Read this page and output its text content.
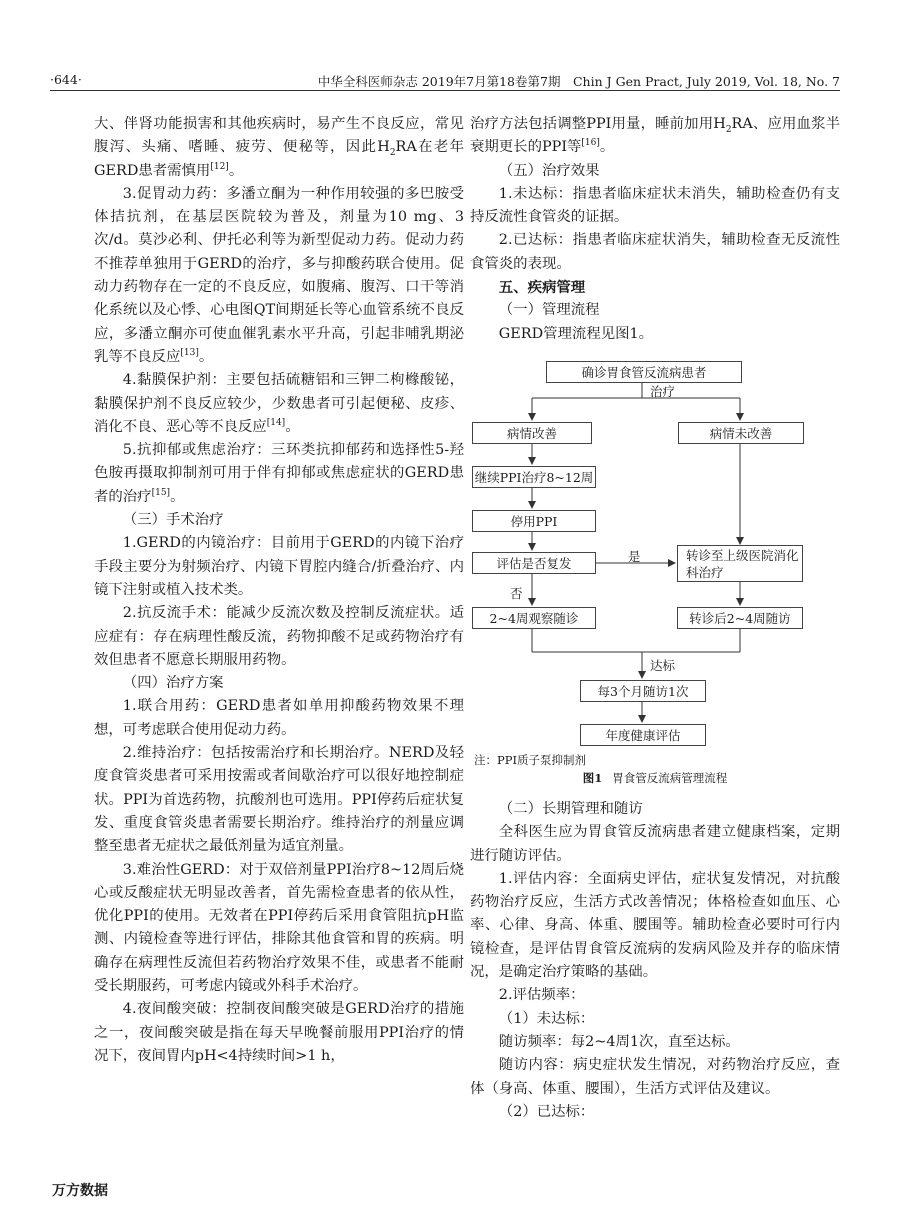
·644·	中华全科医师杂志 2019年7月第18卷第7期　Chin J Gen Pract, July 2019, Vol. 18, No. 7

大、伴肾功能损害和其他疾病时，易产生不良反应，常见腹泻、头痛、嗜睡、疲劳、便秘等，因此$H_2RA$在老年GERD患者需慎用[12]。

3.促胃动力药：多潘立酮为一种作用较强的多巴胺受体拮抗剂，在基层医院较为普及，剂量为10 mg、3次/d。莫沙必利、伊托必利等为新型促动力药。促动力药不推荐单独用于GERD的治疗，多与抑酸药联合使用。促动力药物存在一定的不良反应，如腹痛、腹泻、口干等消化系统以及心悸、心电图QT间期延长等心血管系统不良反应，多潘立酮亦可使血催乳素水平升高，引起非哺乳期泌乳等不良反应[13]。

4.黏膜保护剂：主要包括硫糖铝和三钾二枸橼酸铋，黏膜保护剂不良反应较少，少数患者可引起便秘、皮疹、消化不良、恶心等不良反应[14]。

5.抗抑郁或焦虑治疗：三环类抗抑郁药和选择性5-羟色胺再摄取抑制剂可用于伴有抑郁或焦虑症状的GERD患者的治疗[15]。

（三）手术治疗

1.GERD的内镜治疗：目前用于GERD的内镜下治疗手段主要分为射频治疗、内镜下胃腔内缝合/折叠治疗、内镜下注射或植入技术类。

2.抗反流手术：能减少反流次数及控制反流症状。适应症有：存在病理性酸反流，药物抑酸不足或药物治疗有效但患者不愿意长期服用药物。

（四）治疗方案

1.联合用药：GERD患者如单用抑酸药物效果不理想，可考虑联合使用促动力药。

2.维持治疗：包括按需治疗和长期治疗。NERD及轻度食管炎患者可采用按需或者间歇治疗可以很好地控制症状。PPI为首选药物，抗酸剂也可选用。PPI停药后症状复发、重度食管炎患者需要长期治疗。维持治疗的剂量应调整至患者无症状之最低剂量为适宜剂量。

3.难治性GERD：对于双倍剂量PPI治疗8~12周后烧心或反酸症状无明显改善者，首先需检查患者的依从性，优化PPI的使用。无效者在PPI停药后采用食管阻抗pH监测、内镜检查等进行评估，排除其他食管和胃的疾病。明确存在病理性反流但若药物治疗效果不佳，或患者不能耐受长期服药，可考虑内镜或外科手术治疗。

4.夜间酸突破：控制夜间酸突破是GERD治疗的措施之一，夜间酸突破是指在每天早晚餐前服用PPI治疗的情况下，夜间胃内pH<4持续时间>1 h，

治疗方法包括调整PPI用量，睡前加用$H_2RA$、应用血浆半衰期更长的PPI等[16]。

（五）治疗效果

1.未达标：指患者临床症状未消失，辅助检查仍有支持反流性食管炎的证据。

2.已达标：指患者临床症状消失，辅助检查无反流性食管炎的表现。

五、疾病管理

（一）管理流程

GERD管理流程见图1。

确诊胃食管反流病患者
治疗
病情改善	病情未改善
继续PPI治疗8~12周
停用PPI
评估是否复发	是	转诊至上级医院消化科治疗
否
2~4周观察随诊	转诊后2~4周随访
达标
每3个月随访1次
年度健康评估
注：PPI质子泵抑制剂
图1 胃食管反流病管理流程

（二）长期管理和随访

全科医生应为胃食管反流病患者建立健康档案，定期进行随访评估。

1.评估内容：全面病史评估，症状复发情况，对抗酸药物治疗反应，生活方式改善情况；体格检查如血压、心率、心律、身高、体重、腰围等。辅助检查必要时可行内镜检查，是评估胃食管反流病的发病风险及并存的临床情况，是确定治疗策略的基础。

2.评估频率：

（1）未达标：

随访频率：每2~4周1次，直至达标。

随访内容：病史症状发生情况，对药物治疗反应，查体（身高、体重、腰围），生活方式评估及建议。

（2）已达标：

万方数据
